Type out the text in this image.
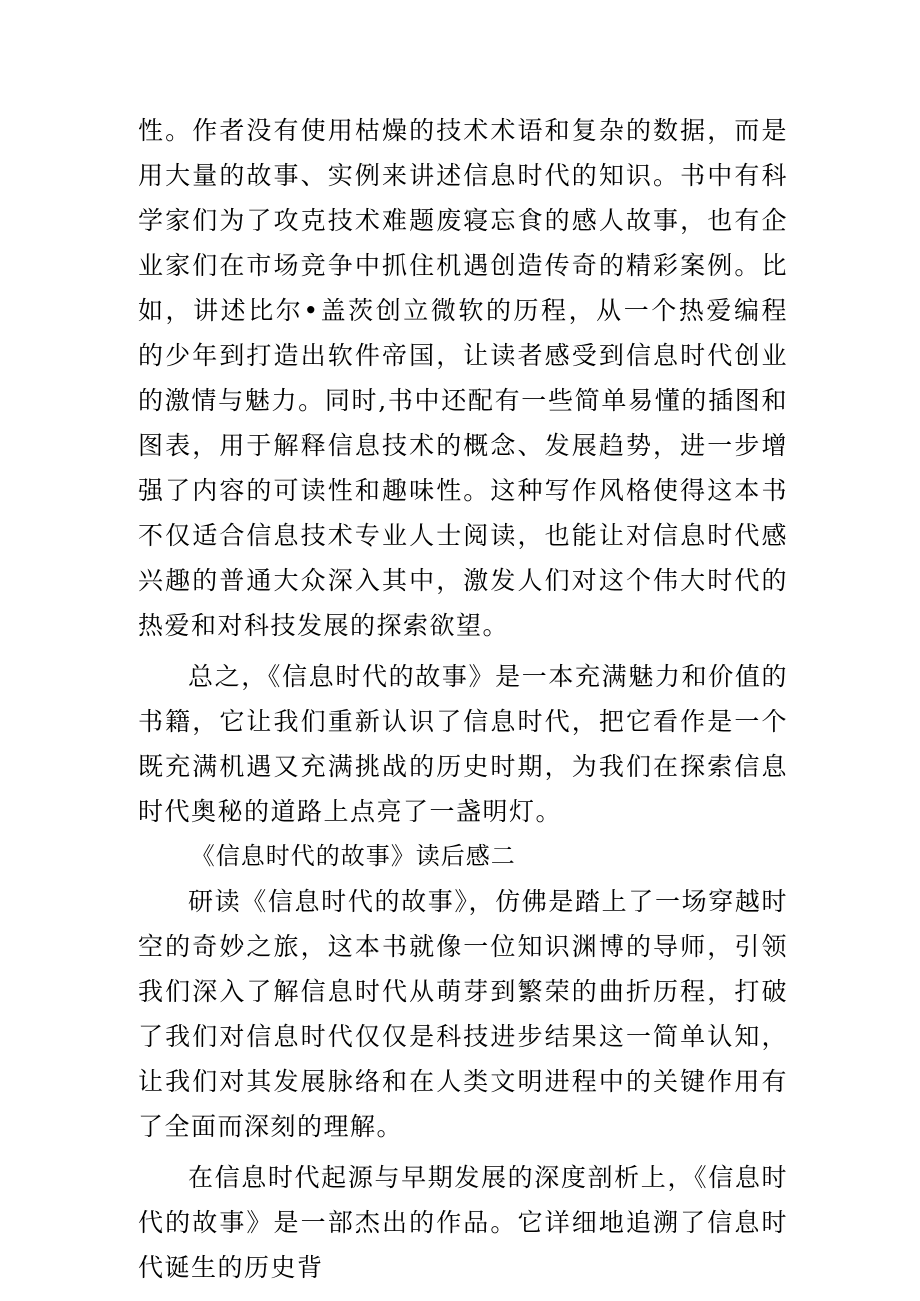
性。作者没有使用枯燥的技术术语和复杂的数据，而是用大量的故事、实例来讲述信息时代的知识。书中有科学家们为了攻克技术难题废寝忘食的感人故事，也有企业家们在市场竞争中抓住机遇创造传奇的精彩案例。比如，讲述比尔•盖茨创立微软的历程，从一个热爱编程的少年到打造出软件帝国，让读者感受到信息时代创业的激情与魅力。同时,书中还配有一些简单易懂的插图和图表，用于解释信息技术的概念、发展趋势，进一步增强了内容的可读性和趣味性。这种写作风格使得这本书不仅适合信息技术专业人士阅读，也能让对信息时代感兴趣的普通大众深入其中，激发人们对这个伟大时代的热爱和对科技发展的探索欲望。

总之，《信息时代的故事》是一本充满魅力和价值的书籍，它让我们重新认识了信息时代，把它看作是一个既充满机遇又充满挑战的历史时期，为我们在探索信息时代奥秘的道路上点亮了一盏明灯。

《信息时代的故事》读后感二

研读《信息时代的故事》，仿佛是踏上了一场穿越时空的奇妙之旅，这本书就像一位知识渊博的导师，引领我们深入了解信息时代从萌芽到繁荣的曲折历程，打破了我们对信息时代仅仅是科技进步结果这一简单认知，让我们对其发展脉络和在人类文明进程中的关键作用有了全面而深刻的理解。

在信息时代起源与早期发展的深度剖析上，《信息时代的故事》是一部杰出的作品。它详细地追溯了信息时代诞生的历史背
